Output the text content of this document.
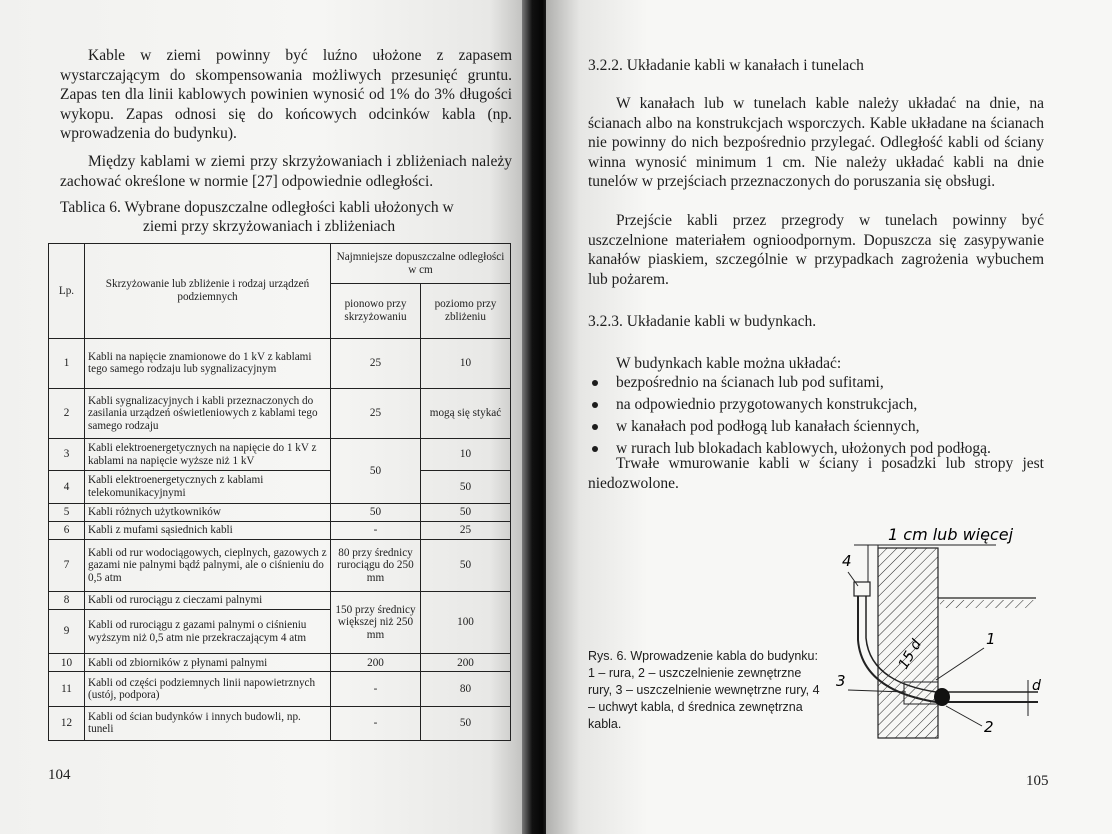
Kable w ziemi powinny być luźno ułożone z zapasem wystarczającym do skompensowania możliwych przesunięć gruntu. Zapas ten dla linii kablowych powinien wynosić od 1% do 3% długości wykopu. Zapas odnosi się do końcowych odcinków kabla (np. wprowadzenia do budynku).

Między kablami w ziemi przy skrzyżowaniach i zbliżeniach należy zachować określone w normie [27] odpowiednie odległości.

Tablica 6. Wybrane dopuszczalne odległości kabli ułożonych w

ziemi przy skrzyżowaniach i zbliżeniach

Lp.	Skrzyżowanie lub zbliżenie i rodzaj urządzeń podziemnych	Najmniejsze dopuszczalne odległości w cm	
		pionowo przy skrzyżowaniu	poziomo przy zbliżeniu
1	Kabli na napięcie znamionowe do 1 kV z kablami tego samego rodzaju lub sygnalizacyjnym	25	10
2	Kabli sygnalizacyjnych i kabli przeznaczonych do zasilania urządzeń oświetleniowych z kablami tego samego rodzaju	25	mogą się stykać
3	Kabli elektroenergetycznych na napięcie do 1 kV z kablami na napięcie wyższe niż 1 kV	50	10
4	Kabli elektroenergetycznych z kablami telekomunikacyjnymi		50
5	Kabli różnych użytkowników	50	50
6	Kabli z mufami sąsiednich kabli	-	25
7	Kabli od rur wodociągowych, cieplnych, gazowych z gazami nie palnymi bądź palnymi, ale o ciśnieniu do 0,5 atm	80 przy średnicy rurociągu do 250 mm	50
8	Kabli od rurociągu z cieczami palnymi	150 przy średnicy większej niż 250 mm	100
9	Kabli od rurociągu z gazami palnymi o ciśnieniu wyższym niż 0,5 atm nie przekraczającym 4 atm		
10	Kabli od zbiorników z płynami palnymi	200	200
11	Kabli od części podziemnych linii napowietrznych (ustój, podpora)	-	80
12	Kabli od ścian budynków i innych budowli, np. tuneli	-	50
104

3.2.2. Układanie kabli w kanałach i tunelach

W kanałach lub w tunelach kable należy układać na dnie, na ścianach albo na konstrukcjach wsporczych. Kable układane na ścianach nie powinny do nich bezpośrednio przylegać. Odległość kabli od ściany winna wynosić minimum 1 cm. Nie należy układać kabli na dnie tunelów w przejściach przeznaczonych do poruszania się obsługi.

Przejście kabli przez przegrody w tunelach powinny być uszczelnione materiałem ognioodpornym. Dopuszcza się zasypywanie kanałów piaskiem, szczególnie w przypadkach zagrożenia wybuchem lub pożarem.

3.2.3. Układanie kabli w budynkach.

W budynkach kable można układać:

bezpośrednio na ścianach lub pod sufitami,
na odpowiednio przygotowanych konstrukcjach,
w kanałach pod podłogą lub kanałach ściennych,
w rurach lub blokadach kablowych, ułożonych pod podłogą.

Trwałe wmurowanie kabli w ściany i posadzki lub stropy jest niedozwolone.

Rys. 6. Wprowadzenie kabla do budynku: 1 – rura, 2 – uszczelnienie zewnętrzne rury, 3 – uszczelnienie wewnętrzne rury, 4 – uchwyt kabla, d średnica zewnętrzna kabla.

105
1 cm lub więcej
4
1
3
2
15 d
d
